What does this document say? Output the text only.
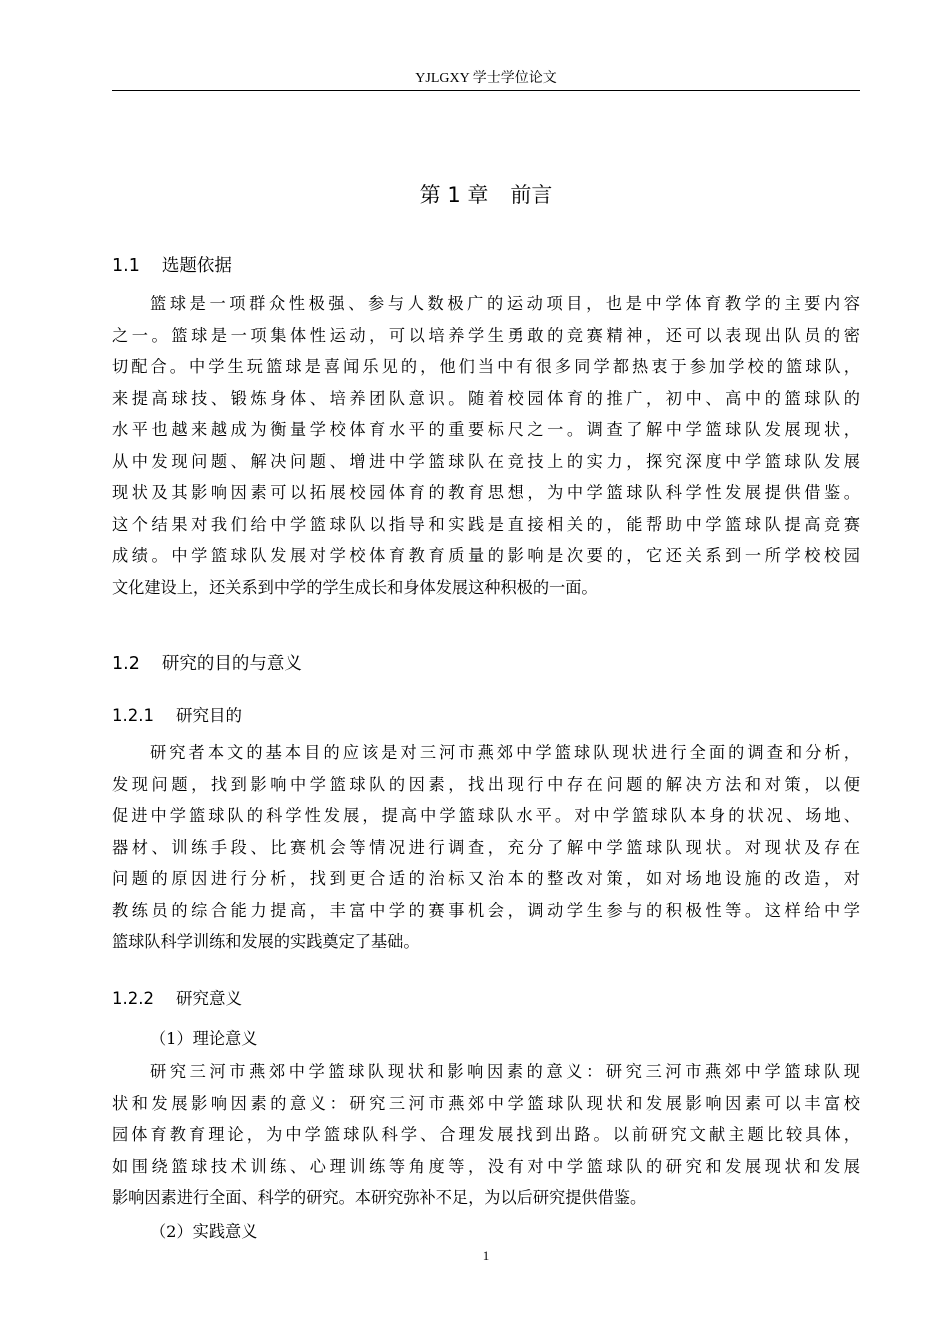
YJLGXY 学士学位论文
第 1 章 前言
1.1 选题依据
篮球是一项群众性极强、参与人数极广的运动项目，也是中学体育教学的主要内容
之一。篮球是一项集体性运动，可以培养学生勇敢的竞赛精神，还可以表现出队员的密
切配合。中学生玩篮球是喜闻乐见的，他们当中有很多同学都热衷于参加学校的篮球队，
来提高球技、锻炼身体、培养团队意识。随着校园体育的推广，初中、高中的篮球队的
水平也越来越成为衡量学校体育水平的重要标尺之一。调查了解中学篮球队发展现状，
从中发现问题、解决问题、增进中学篮球队在竞技上的实力，探究深度中学篮球队发展
现状及其影响因素可以拓展校园体育的教育思想，为中学篮球队科学性发展提供借鉴。
这个结果对我们给中学篮球队以指导和实践是直接相关的，能帮助中学篮球队提高竞赛
成绩。中学篮球队发展对学校体育教育质量的影响是次要的，它还关系到一所学校校园
文化建设上，还关系到中学的学生成长和身体发展这种积极的一面。
1.2 研究的目的与意义
1.2.1 研究目的
研究者本文的基本目的应该是对三河市燕郊中学篮球队现状进行全面的调查和分析，
发现问题，找到影响中学篮球队的因素，找出现行中存在问题的解决方法和对策，以便
促进中学篮球队的科学性发展，提高中学篮球队水平。对中学篮球队本身的状况、场地、
器材、训练手段、比赛机会等情况进行调查，充分了解中学篮球队现状。对现状及存在
问题的原因进行分析，找到更合适的治标又治本的整改对策，如对场地设施的改造，对
教练员的综合能力提高，丰富中学的赛事机会，调动学生参与的积极性等。这样给中学
篮球队科学训练和发展的实践奠定了基础。
1.2.2 研究意义
（1）理论意义
研究三河市燕郊中学篮球队现状和影响因素的意义：研究三河市燕郊中学篮球队现
状和发展影响因素的意义：研究三河市燕郊中学篮球队现状和发展影响因素可以丰富校
园体育教育理论，为中学篮球队科学、合理发展找到出路。以前研究文献主题比较具体，
如围绕篮球技术训练、心理训练等角度等，没有对中学篮球队的研究和发展现状和发展
影响因素进行全面、科学的研究。本研究弥补不足，为以后研究提供借鉴。
（2）实践意义
1
